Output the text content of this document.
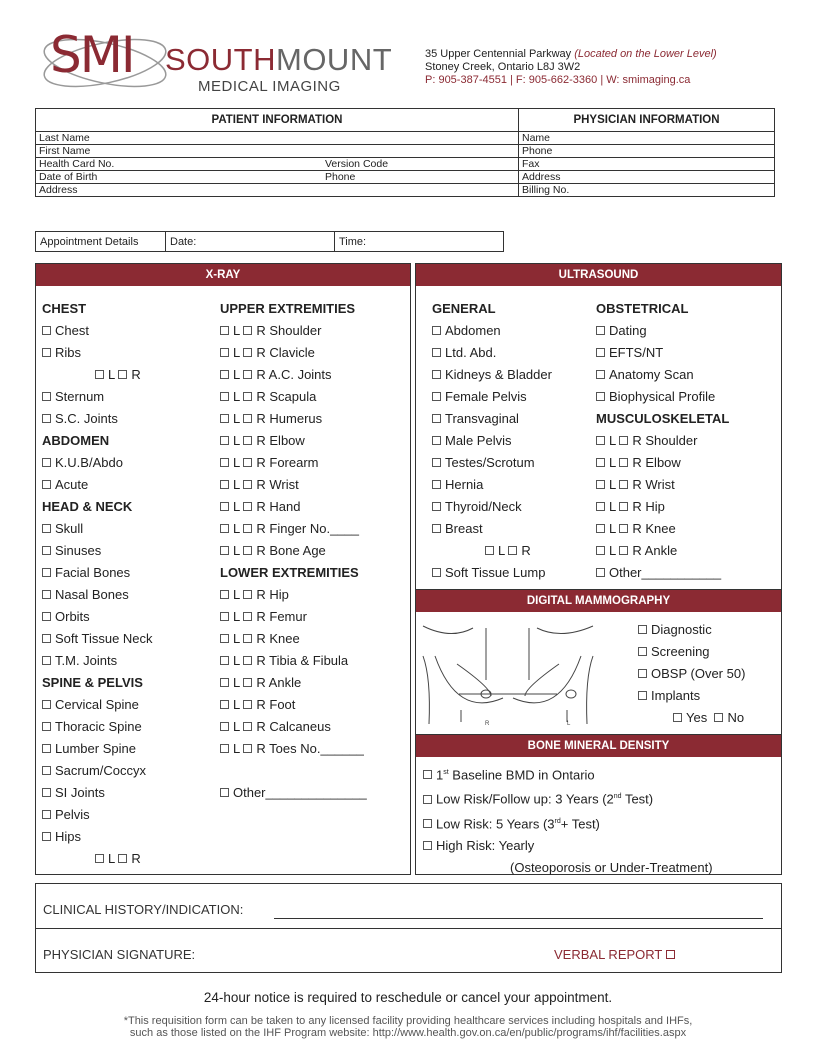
SMI SOUTHMOUNT
MEDICAL IMAGING
35 Upper Centennial Parkway (Located on the Lower Level)
Stoney Creek, Ontario L8J 3W2
P: 905-387-4551 | F: 905-662-3360 | W: smimaging.ca
PATIENT INFORMATION		PHYSICIAN INFORMATION
Last Name		Name
First Name		Phone
Health Card No.	Version Code	Fax
Date of Birth	Phone	Address
Address		Billing No.
Appointment Details	Date:	Time:
X-RAY
CHEST
Chest
Ribs
L R
Sternum
S.C. Joints
ABDOMEN
K.U.B/Abdo
Acute
HEAD & NECK
Skull
Sinuses
Facial Bones
Nasal Bones
Orbits
Soft Tissue Neck
T.M. Joints
SPINE & PELVIS
Cervical Spine
Thoracic Spine
Lumber Spine
Sacrum/Coccyx
SI Joints
Pelvis
Hips
L R
UPPER EXTREMITIES
L R Shoulder
L R Clavicle
L R A.C. Joints
L R Scapula
L R Humerus
L R Elbow
L R Forearm
L R Wrist
L R Hand
L R Finger No.____
L R Bone Age
LOWER EXTREMITIES
L R Hip
L R Femur
L R Knee
L R Tibia & Fibula
L R Ankle
L R Foot
L R Calcaneus
L R Toes No.______

Other______________
ULTRASOUND
GENERAL
Abdomen
Ltd. Abd.
Kidneys & Bladder
Female Pelvis
Transvaginal
Male Pelvis
Testes/Scrotum
Hernia
Thyroid/Neck
Breast
L R
Soft Tissue Lump
OBSTETRICAL
Dating
EFTS/NT
Anatomy Scan
Biophysical Profile
MUSCULOSKELETAL
L R Shoulder
L R Elbow
L R Wrist
L R Hip
L R Knee
L R Ankle
Other___________
DIGITAL MAMMOGRAPHY
R	L
Diagnostic
Screening
OBSP (Over 50)
Implants
Yes No
BONE MINERAL DENSITY
1st Baseline BMD in Ontario
Low Risk/Follow up: 3 Years (2nd Test)
Low Risk: 5 Years (3rd+ Test)
High Risk: Yearly
(Osteoporosis or Under-Treatment)
CLINICAL HISTORY/INDICATION:
PHYSICIAN SIGNATURE:	VERBAL REPORT
24-hour notice is required to reschedule or cancel your appointment.
*This requisition form can be taken to any licensed facility providing healthcare services including hospitals and IHFs,
such as those listed on the IHF Program website: http://www.health.gov.on.ca/en/public/programs/ihf/facilities.aspx
